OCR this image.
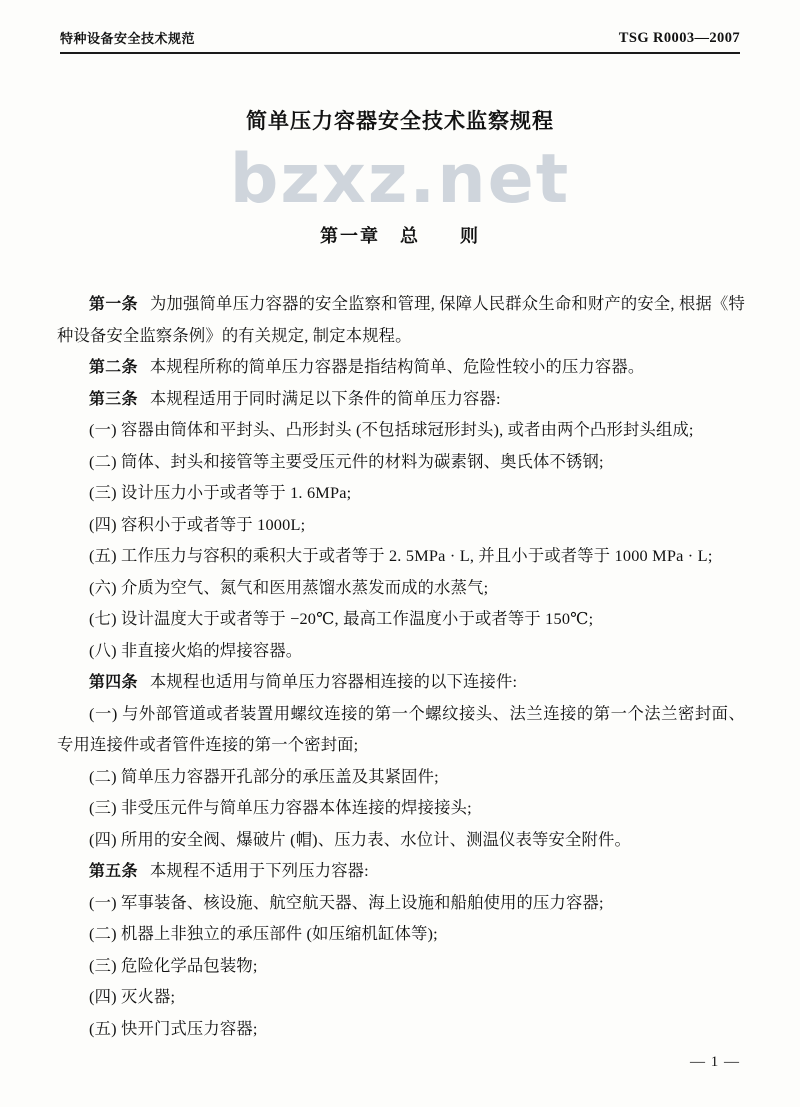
特种设备安全技术规范	TSG R0003—2007
简单压力容器安全技术监察规程
bzxz.net
第一章　总　　则

第一条 为加强简单压力容器的安全监察和管理, 保障人民群众生命和财产的安全, 根据《特种设备安全监察条例》的有关规定, 制定本规程。

第二条 本规程所称的简单压力容器是指结构简单、危险性较小的压力容器。

第三条 本规程适用于同时满足以下条件的简单压力容器:

(一) 容器由筒体和平封头、凸形封头 (不包括球冠形封头), 或者由两个凸形封头组成;

(二) 筒体、封头和接管等主要受压元件的材料为碳素钢、奥氏体不锈钢;

(三) 设计压力小于或者等于 1. 6MPa;

(四) 容积小于或者等于 1000L;

(五) 工作压力与容积的乘积大于或者等于 2. 5MPa · L, 并且小于或者等于 1000 MPa · L;

(六) 介质为空气、氮气和医用蒸馏水蒸发而成的水蒸气;

(七) 设计温度大于或者等于 −20℃, 最高工作温度小于或者等于 150℃;

(八) 非直接火焰的焊接容器。

第四条 本规程也适用与简单压力容器相连接的以下连接件:

(一) 与外部管道或者装置用螺纹连接的第一个螺纹接头、法兰连接的第一个法兰密封面、专用连接件或者管件连接的第一个密封面;

(二) 简单压力容器开孔部分的承压盖及其紧固件;

(三) 非受压元件与简单压力容器本体连接的焊接接头;

(四) 所用的安全阀、爆破片 (帽)、压力表、水位计、测温仪表等安全附件。

第五条 本规程不适用于下列压力容器:

(一) 军事装备、核设施、航空航天器、海上设施和船舶使用的压力容器;

(二) 机器上非独立的承压部件 (如压缩机缸体等);

(三) 危险化学品包装物;

(四) 灭火器;

(五) 快开门式压力容器;

— 1 —
